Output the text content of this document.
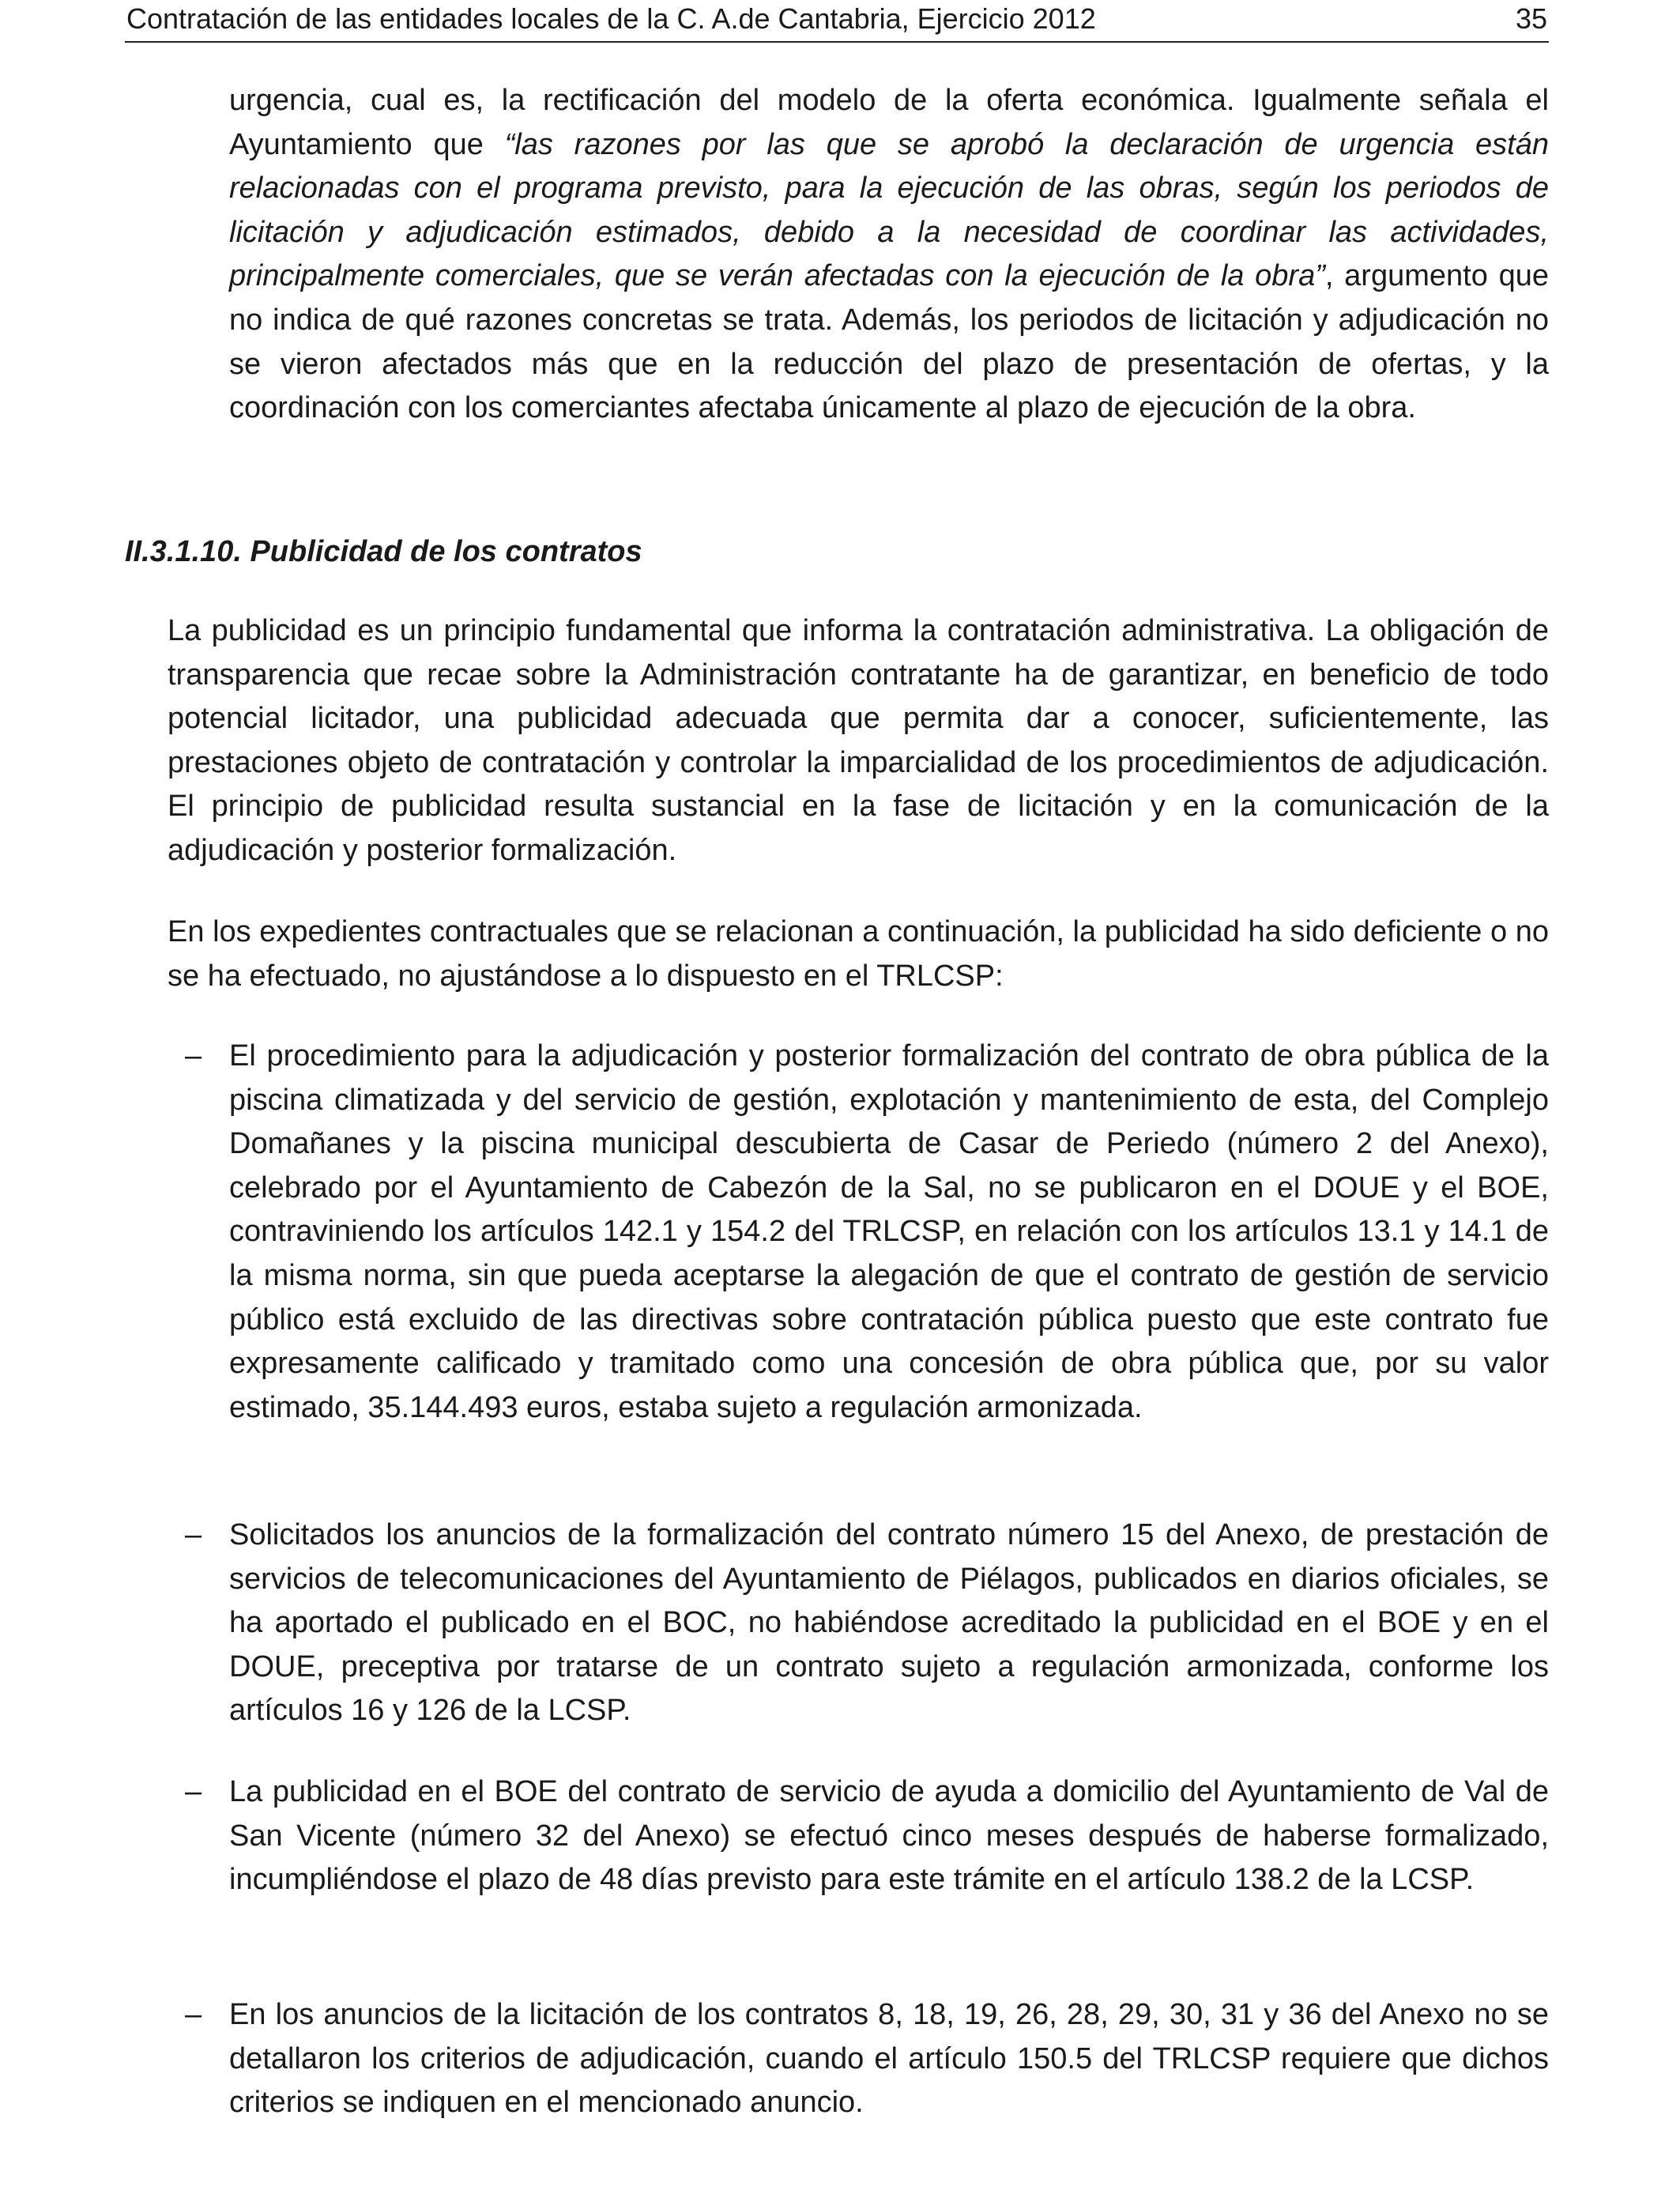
Contratación de las entidades locales de la C. A.de Cantabria, Ejercicio 2012	35

urgencia, cual es, la rectificación del modelo de la oferta económica. Igualmente señala el Ayuntamiento que “las razones por las que se aprobó la declaración de urgencia están relacionadas con el programa previsto, para la ejecución de las obras, según los periodos de licitación y adjudicación estimados, debido a la necesidad de coordinar las actividades, principalmente comerciales, que se verán afectadas con la ejecución de la obra”, argumento que no indica de qué razones concretas se trata. Además, los periodos de licitación y adjudicación no se vieron afectados más que en la reducción del plazo de presentación de ofertas, y la coordinación con los comerciantes afectaba únicamente al plazo de ejecución de la obra.

II.3.1.10. Publicidad de los contratos

La publicidad es un principio fundamental que informa la contratación administrativa. La obligación de transparencia que recae sobre la Administración contratante ha de garantizar, en beneficio de todo potencial licitador, una publicidad adecuada que permita dar a conocer, suficientemente, las prestaciones objeto de contratación y controlar la imparcialidad de los procedimientos de adjudicación. El principio de publicidad resulta sustancial en la fase de licitación y en la comunicación de la adjudicación y posterior formalización.

En los expedientes contractuales que se relacionan a continuación, la publicidad ha sido deficiente o no se ha efectuado, no ajustándose a lo dispuesto en el TRLCSP:

– El procedimiento para la adjudicación y posterior formalización del contrato de obra pública de la piscina climatizada y del servicio de gestión, explotación y mantenimiento de esta, del Complejo Domañanes y la piscina municipal descubierta de Casar de Periedo (número 2 del Anexo), celebrado por el Ayuntamiento de Cabezón de la Sal, no se publicaron en el DOUE y el BOE, contraviniendo los artículos 142.1 y 154.2 del TRLCSP, en relación con los artículos 13.1 y 14.1 de la misma norma, sin que pueda aceptarse la alegación de que el contrato de gestión de servicio público está excluido de las directivas sobre contratación pública puesto que este contrato fue expresamente calificado y tramitado como una concesión de obra pública que, por su valor estimado, 35.144.493 euros, estaba sujeto a regulación armonizada.

– Solicitados los anuncios de la formalización del contrato número 15 del Anexo, de prestación de servicios de telecomunicaciones del Ayuntamiento de Piélagos, publicados en diarios oficiales, se ha aportado el publicado en el BOC, no habiéndose acreditado la publicidad en el BOE y en el DOUE, preceptiva por tratarse de un contrato sujeto a regulación armonizada, conforme los artículos 16 y 126 de la LCSP.

– La publicidad en el BOE del contrato de servicio de ayuda a domicilio del Ayuntamiento de Val de San Vicente (número 32 del Anexo) se efectuó cinco meses después de haberse formalizado, incumpliéndose el plazo de 48 días previsto para este trámite en el artículo 138.2 de la LCSP.

– En los anuncios de la licitación de los contratos 8, 18, 19, 26, 28, 29, 30, 31 y 36 del Anexo no se detallaron los criterios de adjudicación, cuando el artículo 150.5 del TRLCSP requiere que dichos criterios se indiquen en el mencionado anuncio.
